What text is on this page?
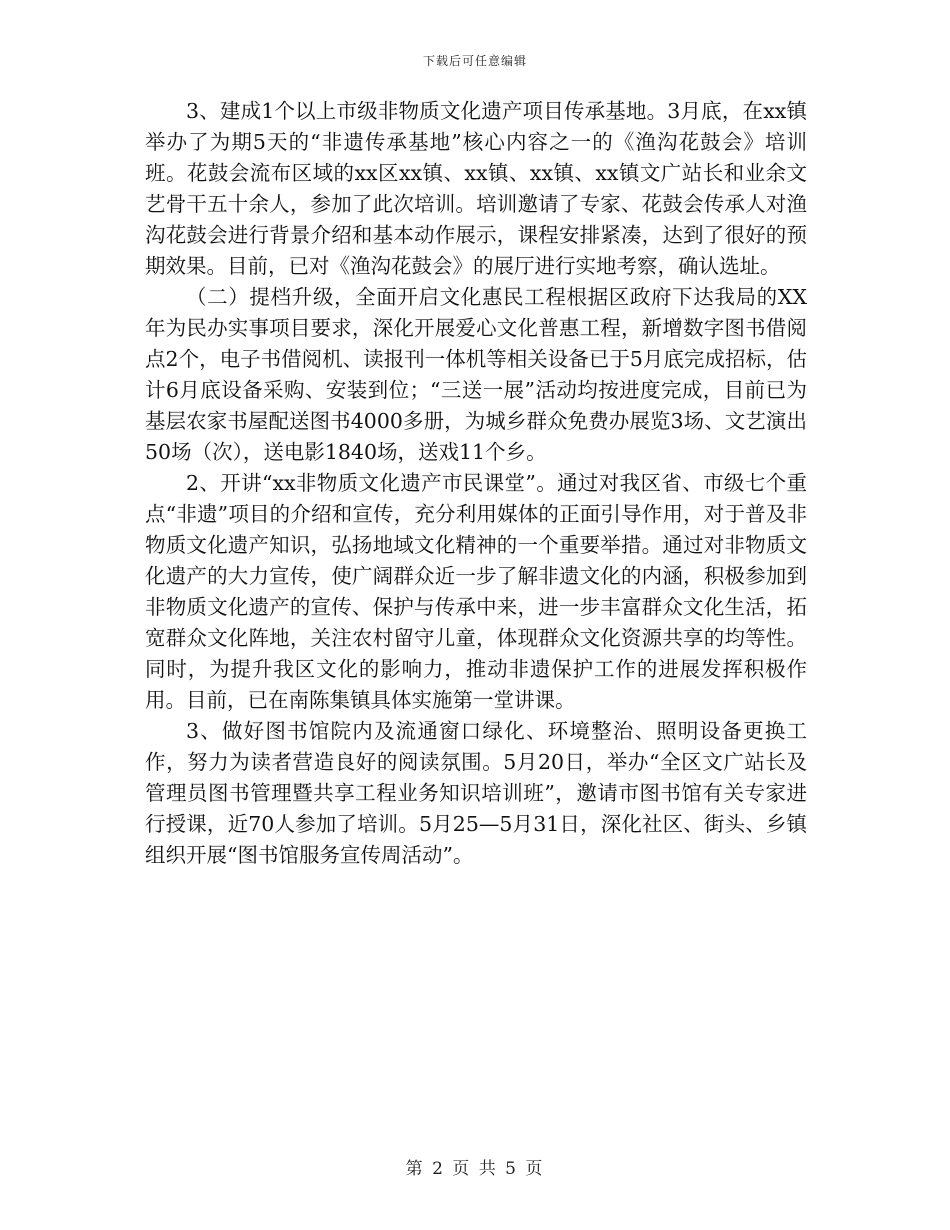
下载后可任意编辑

3、建成1个以上市级非物质文化遗产项目传承基地。3月底，在xx镇举办了为期5天的“非遗传承基地”核心内容之一的《渔沟花鼓会》培训班。花鼓会流布区域的xx区xx镇、xx镇、xx镇、xx镇文广站长和业余文艺骨干五十余人，参加了此次培训。培训邀请了专家、花鼓会传承人对渔沟花鼓会进行背景介绍和基本动作展示，课程安排紧凑，达到了很好的预期效果。目前，已对《渔沟花鼓会》的展厅进行实地考察，确认选址。

（二）提档升级，全面开启文化惠民工程根据区政府下达我局的XX年为民办实事项目要求，深化开展爱心文化普惠工程，新增数字图书借阅点2个，电子书借阅机、读报刊一体机等相关设备已于5月底完成招标，估计6月底设备采购、安装到位；“三送一展”活动均按进度完成，目前已为基层农家书屋配送图书4000多册，为城乡群众免费办展览3场、文艺演出50场（次），送电影1840场，送戏11个乡。

2、开讲“xx非物质文化遗产市民课堂”。通过对我区省、市级七个重点“非遗”项目的介绍和宣传，充分利用媒体的正面引导作用，对于普及非物质文化遗产知识，弘扬地域文化精神的一个重要举措。通过对非物质文化遗产的大力宣传，使广阔群众近一步了解非遗文化的内涵，积极参加到非物质文化遗产的宣传、保护与传承中来，进一步丰富群众文化生活，拓宽群众文化阵地，关注农村留守儿童，体现群众文化资源共享的均等性。同时，为提升我区文化的影响力，推动非遗保护工作的进展发挥积极作用。目前，已在南陈集镇具体实施第一堂讲课。

3、做好图书馆院内及流通窗口绿化、环境整治、照明设备更换工作，努力为读者营造良好的阅读氛围。5月20日，举办“全区文广站长及管理员图书管理暨共享工程业务知识培训班”，邀请市图书馆有关专家进行授课，近70人参加了培训。5月25—5月31日，深化社区、街头、乡镇组织开展“图书馆服务宣传周活动”。

第 2 页 共 5 页
